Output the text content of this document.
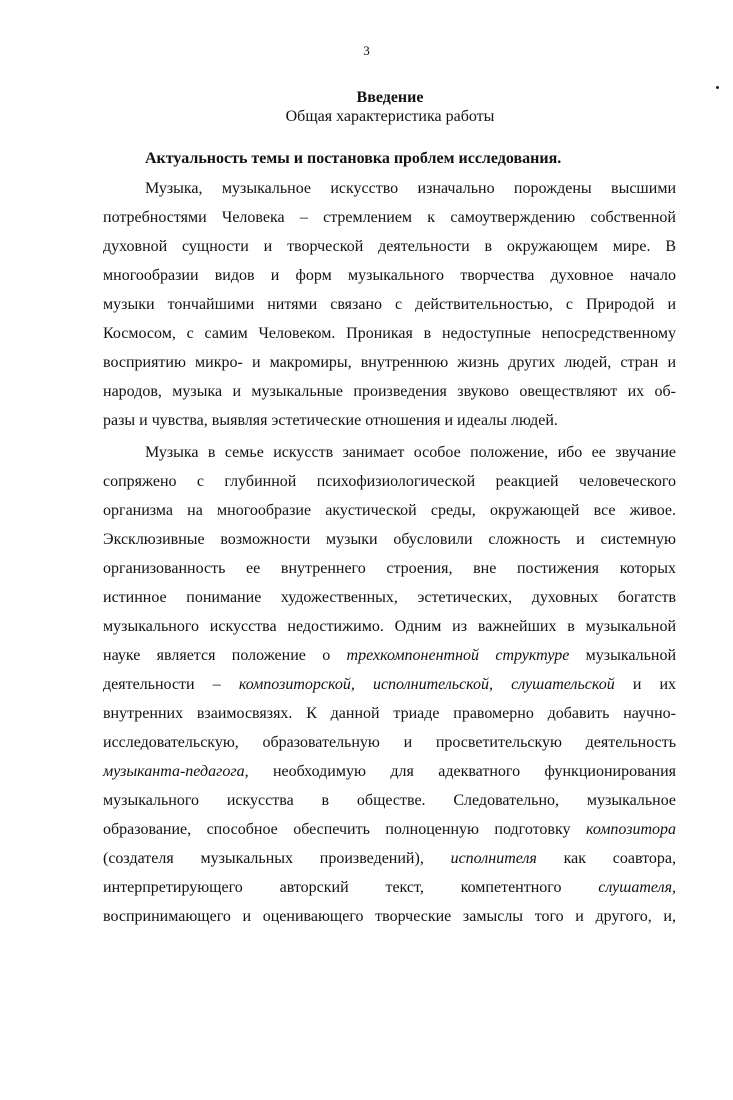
3
Введение
Общая характеристика работы
Актуальность темы и постановка проблем исследования.
Музыка, музыкальное искусство изначально порождены высшими
потребностями Человека – стремлением к самоутверждению собственной
духовной сущности и творческой деятельности в окружающем мире. В
многообразии видов и форм музыкального творчества духовное начало
музыки тончайшими нитями связано с действительностью, с Природой и
Космосом, с самим Человеком. Проникая в недоступные непосредственному
восприятию микро- и макромиры, внутреннюю жизнь других людей, стран и
народов, музыка и музыкальные произведения звуково овеществляют их об-
разы и чувства, выявляя эстетические отношения и идеалы людей.
Музыка в семье искусств занимает особое положение, ибо ее звучание
сопряжено с глубинной психофизиологической реакцией человеческого
организма на многообразие акустической среды, окружающей все живое.
Эксклюзивные возможности музыки обусловили сложность и системную
организованность ее внутреннего строения, вне постижения которых
истинное понимание художественных, эстетических, духовных богатств
музыкального искусства недостижимо. Одним из важнейших в музыкальной
науке является положение о трехкомпонентной структуре музыкальной
деятельности – композиторской, исполнительской, слушательской и их
внутренних взаимосвязях. К данной триаде правомерно добавить научно-
исследовательскую, образовательную и просветительскую деятельность
музыканта-педагога, необходимую для адекватного функционирования
музыкального искусства в обществе. Следовательно, музыкальное
образование, способное обеспечить полноценную подготовку композитора
(создателя музыкальных произведений), исполнителя как соавтора,
интерпретирующего авторский текст, компетентного слушателя,
воспринимающего и оценивающего творческие замыслы того и другого, и,
